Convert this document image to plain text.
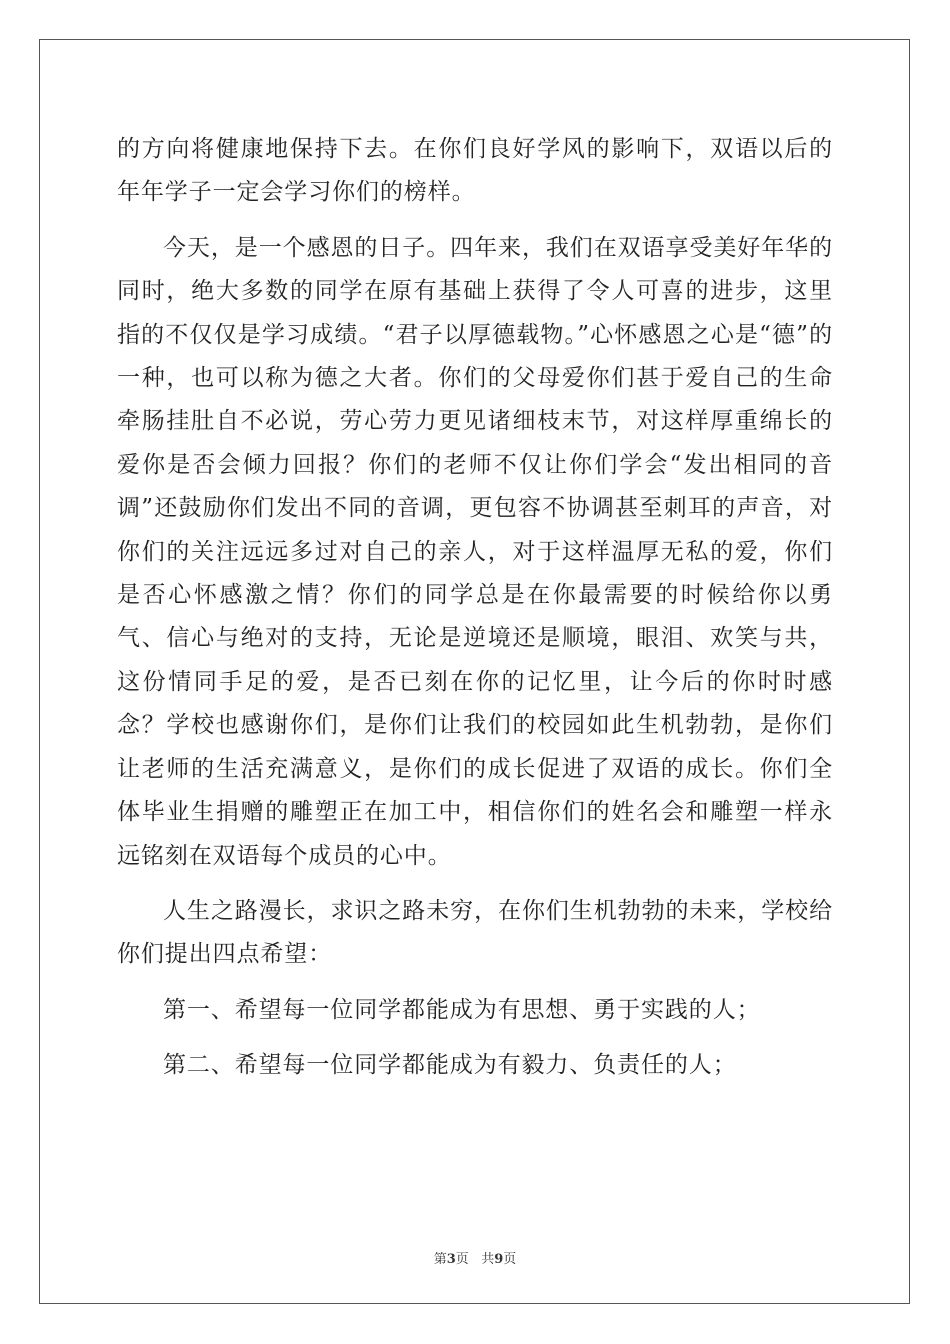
的方向将健康地保持下去。在你们良好学风的影响下，双语以后的年年学子一定会学习你们的榜样。

今天，是一个感恩的日子。四年来，我们在双语享受美好年华的同时，绝大多数的同学在原有基础上获得了令人可喜的进步，这里指的不仅仅是学习成绩。“君子以厚德载物。”心怀感恩之心是“德”的一种，也可以称为德之大者。你们的父母爱你们甚于爱自己的生命牵肠挂肚自不必说，劳心劳力更见诸细枝末节，对这样厚重绵长的爱你是否会倾力回报？你们的老师不仅让你们学会“发出相同的音调”还鼓励你们发出不同的音调，更包容不协调甚至刺耳的声音，对你们的关注远远多过对自己的亲人，对于这样温厚无私的爱，你们是否心怀感激之情？你们的同学总是在你最需要的时候给你以勇气、信心与绝对的支持，无论是逆境还是顺境，眼泪、欢笑与共，这份情同手足的爱，是否已刻在你的记忆里，让今后的你时时感念？学校也感谢你们，是你们让我们的校园如此生机勃勃，是你们让老师的生活充满意义，是你们的成长促进了双语的成长。你们全体毕业生捐赠的雕塑正在加工中，相信你们的姓名会和雕塑一样永远铭刻在双语每个成员的心中。

人生之路漫长，求识之路未穷，在你们生机勃勃的未来，学校给你们提出四点希望：

第一、希望每一位同学都能成为有思想、勇于实践的人；

第二、希望每一位同学都能成为有毅力、负责任的人；

第3页 共9页
